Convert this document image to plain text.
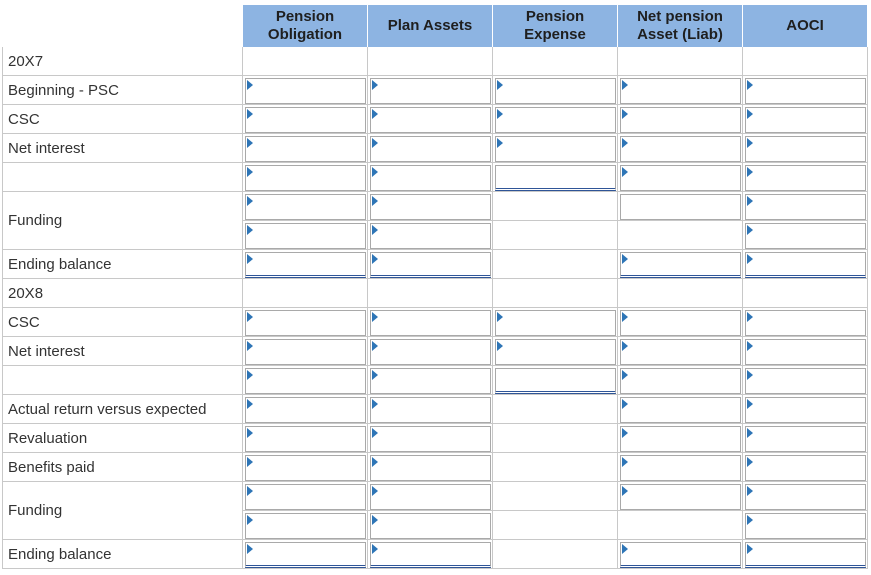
Pension
Obligation
Plan Assets
Pension
Expense
Net pension
Asset (Liab)
AOCI
20X7
Beginning - PSC
CSC
Net interest
Funding
Ending balance
20X8
CSC
Net interest
Actual return versus expected
Revaluation
Benefits paid
Funding
Ending balance
